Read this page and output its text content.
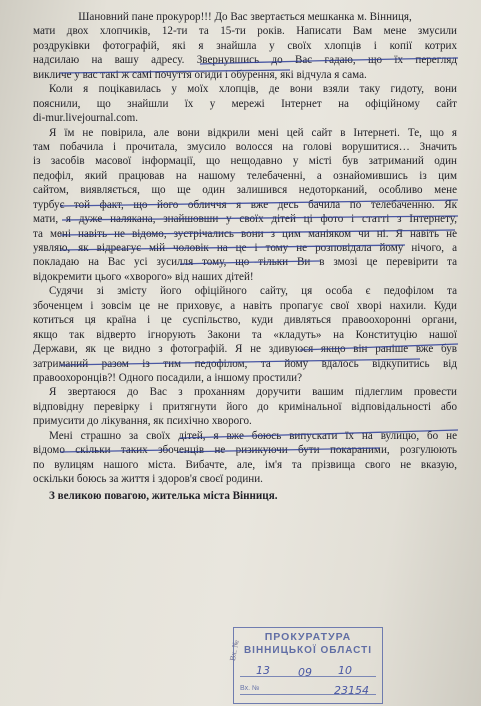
Шановний пане прокурор!!! До Вас звертається мешканка м. Вінниця,
мати двох хлопчиків, 12-ти та 15-ти років. Написати Вам мене змусили
роздруківки фотографій, які я знайшла у своїх хлопців і копії котрих
надсилаю на вашу адресу. Звернувшись до Вас гадаю, що їх перегляд
викличе у вас такі ж самі почуття огиди і обурення, які відчула я сама.
Коли я поцікавилась у моїх хлопців, де вони взяли таку гидоту, вони
пояснили, що знайшли їх у мережі Інтернет на офіційному сайт
di-mur.livejournal.com.
Я їм не повірила, але вони відкрили мені цей сайт в Інтернеті. Те, що я
там побачила і прочитала, змусило волосся на голові ворушитися… Значить
із засобів масової інформації, що нещодавно у місті був затриманий один
педофіл, який працював на нашому телебаченні, а ознайомившись із цим
сайтом, виявляється, що ще один залишився недоторканий, особливо мене
турбує той факт, що його обличчя я вже десь бачила по телебаченню. Як
мати, я дуже налякана, знайшовши у своїх дітей ці фото і статті з Інтернету,
та мені навіть не відомо, зустрічались вони з цим маніяком чи ні. Я навіть не
уявляю, як відреагує мій чоловік на це і тому не розповідала йому нічого, а
покладаю на Вас усі зусилля тому, що тільки Ви в змозі це перевірити та
відокремити цього «хворого» від наших дітей!
Судячи зі змісту його офіційного сайту, ця особа є педофілом та
збоченцем і зовсім це не приховує, а навіть пропагує свої хворі нахили. Куди
котиться ця країна і це суспільство, куди дивляться правоохоронні органи,
якщо так відверто ігнорують Закони та «кладуть» на Конституцію нашої
Держави, як це видно з фотографій. Я не здивуюся якщо він раніше вже був
затриманий разом із тим педофілом, та йому вдалось відкупитись від
правоохоронців?! Одного посадили, а іншому простили?
Я звертаюся до Вас з проханням доручити вашим підлеглим провести
відповідну перевірку і притягнути його до кримінальної відповідальності або
примусити до лікування, як психічно хворого.
Мені страшно за своїх дітей, я вже боюсь випускати їх на вулицю, бо не
відомо скільки таких збоченців не ризикуючи бути покараними, розгулюють
по вулицям нашого міста. Вибачте, але, ім'я та прізвища свого не вказую,
оскільки боюсь за життя і здоров'я своєї родини.
З великою повагою, жителька міста Вінниця.
Вх. №
ПРОКУРАТУРА
ВІННИЦЬКОЇ ОБЛАСТІ
Вх. №
13	09 10
23154
